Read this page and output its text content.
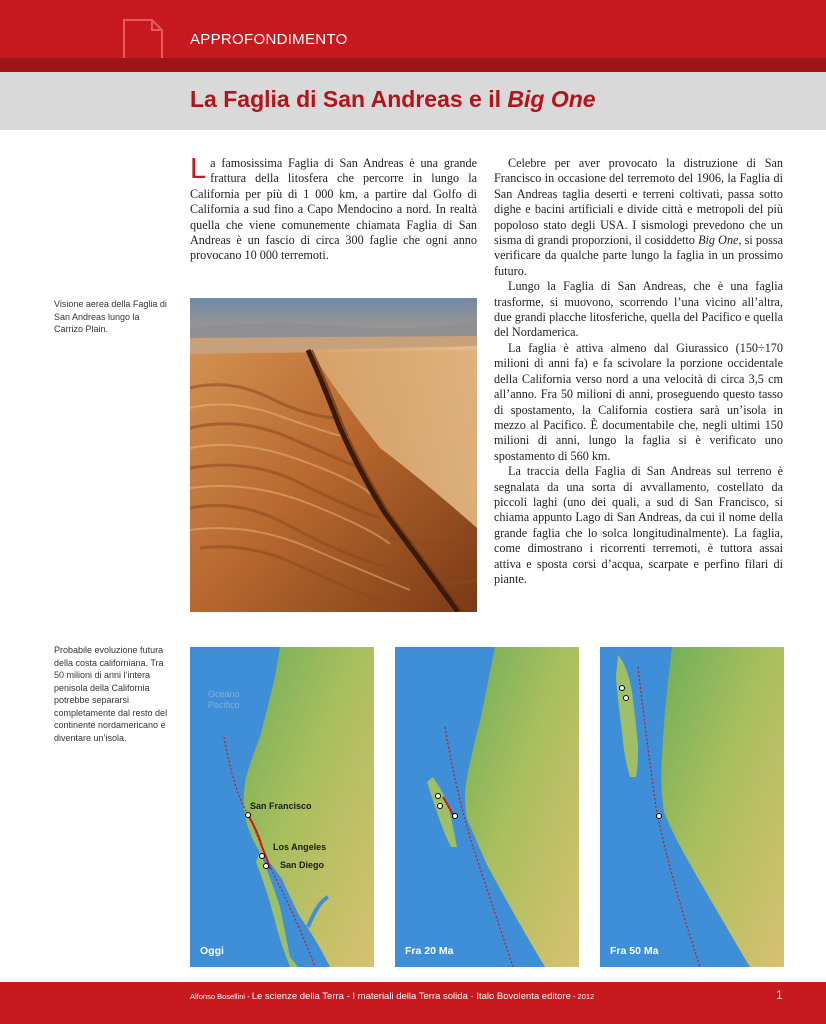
APPROFONDIMENTO
La Faglia di San Andreas e il Big One

La famosissima Faglia di San Andreas è una grande frattura della litosfera che percorre in lungo la California per più di 1 000 km, a partire dal Golfo di California a sud fino a Capo Mendocino a nord. In realtà quella che viene comunemente chiamata Faglia di San Andreas è un fascio di circa 300 faglie che ogni anno provocano 10 000 terremoti.

Celebre per aver provocato la distruzione di San Francisco in occasione del terremoto del 1906, la Faglia di San Andreas taglia deserti e terreni coltivati, passa sotto dighe e bacini artificiali e divide città e metropoli del più popoloso stato degli USA. I sismologi prevedono che un sisma di grandi proporzioni, il cosiddetto Big One, si possa verificare da qualche parte lungo la faglia in un prossimo futuro.

Lungo la Faglia di San Andreas, che è una faglia trasforme, si muovono, scorrendo l’una vicino all’altra, due grandi placche litosferiche, quella del Pacifico e quella del Nordamerica.

La faglia è attiva almeno dal Giurassico (150÷170 milioni di anni fa) e fa scivolare la porzione occidentale della California verso nord a una velocità di circa 3,5 cm all’anno. Fra 50 milioni di anni, proseguendo questo tasso di spostamento, la California costiera sarà un’isola in mezzo al Pacifico. È documentabile che, negli ultimi 150 milioni di anni, lungo la faglia si è verificato uno spostamento di 560 km.

La traccia della Faglia di San Andreas sul terreno è segnalata da una sorta di avvallamento, costellato da piccoli laghi (uno dei quali, a sud di San Francisco, si chiama appunto Lago di San Andreas, da cui il nome della grande faglia che lo solca longitudinalmente). La faglia, come dimostrano i ricorrenti terremoti, è tuttora assai attiva e sposta corsi d’acqua, scarpate e perfino filari di piante.

Visione aerea della Faglia di San Andreas lungo la Carrizo Plain.
Probabile evoluzione futura della costa californiana. Tra 50 milioni di anni l’intera penisola della California potrebbe separarsi completamente dal resto del continente nordamericano e diventare un’isola.
Oceano
Pacifico
San Francisco
Los Angeles
San Diego
Oggi	Fra 20 Ma	Fra 50 Ma
Alfonso Bosellini - Le scienze della Terra - I materiali della Terra solida · Italo Bovolenta editore - 2012	1
